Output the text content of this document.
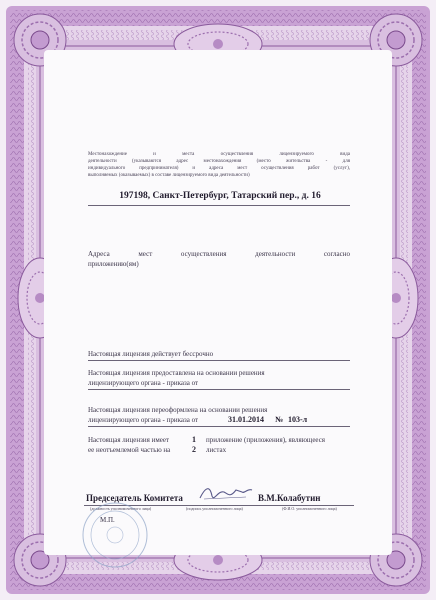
Местонахождение и места осуществления лицензируемого вида
деятельности (указываются адрес местонахождения (место жительства - для
индивидуального предпринимателя) и адреса мест осуществления работ (услуг),
выполняемых (оказываемых) в составе лицензируемого вида деятельности)
197198, Санкт-Петербург, Татарский пер., д. 16
Адреса мест осуществления деятельности согласно
приложению(ям)
Настоящая лицензия действует бессрочно
Настоящая лицензия предоставлена на основании решения
лицензирующего органа - приказа от
Настоящая лицензия переоформлена на основании решения
лицензирующего органа - приказа от	31.01.2014 № 103-л
Настоящая лицензия имеет	1 приложение (приложения), являющееся
ее неотъемлемой частью на	2 листах
Председатель Комитета	В.М.Колабутин
(должность уполномоченного лица)	(подпись уполномоченного лица)	(Ф.И.О. уполномоченного лица)
М.П.
